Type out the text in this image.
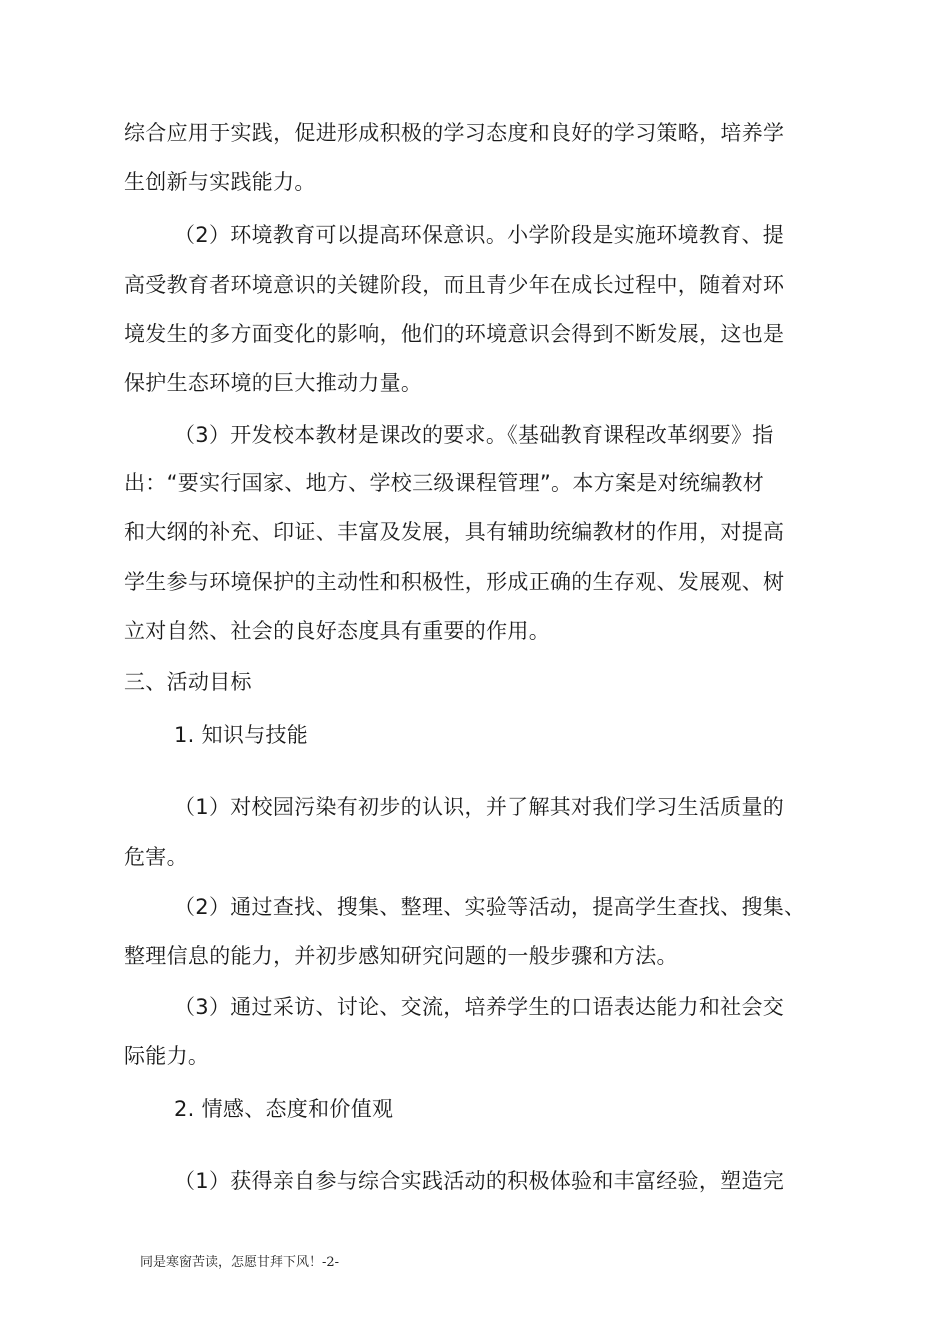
综合应用于实践，促进形成积极的学习态度和良好的学习策略，培养学
生创新与实践能力。
（2）环境教育可以提高环保意识。小学阶段是实施环境教育、提
高受教育者环境意识的关键阶段，而且青少年在成长过程中，随着对环
境发生的多方面变化的影响，他们的环境意识会得到不断发展，这也是
保护生态环境的巨大推动力量。
（3）开发校本教材是课改的要求。《基础教育课程改革纲要》指
出：“要实行国家、地方、学校三级课程管理”。本方案是对统编教材
和大纲的补充、印证、丰富及发展，具有辅助统编教材的作用，对提高
学生参与环境保护的主动性和积极性，形成正确的生存观、发展观、树
立对自然、社会的良好态度具有重要的作用。
三、活动目标
1. 知识与技能
（1）对校园污染有初步的认识，并了解其对我们学习生活质量的
危害。
（2）通过查找、搜集、整理、实验等活动，提高学生查找、搜集、
整理信息的能力，并初步感知研究问题的一般步骤和方法。
（3）通过采访、讨论、交流，培养学生的口语表达能力和社会交
际能力。
2. 情感、态度和价值观
（1）获得亲自参与综合实践活动的积极体验和丰富经验，塑造完
同是寒窗苦读，怎愿甘拜下风！-2-
